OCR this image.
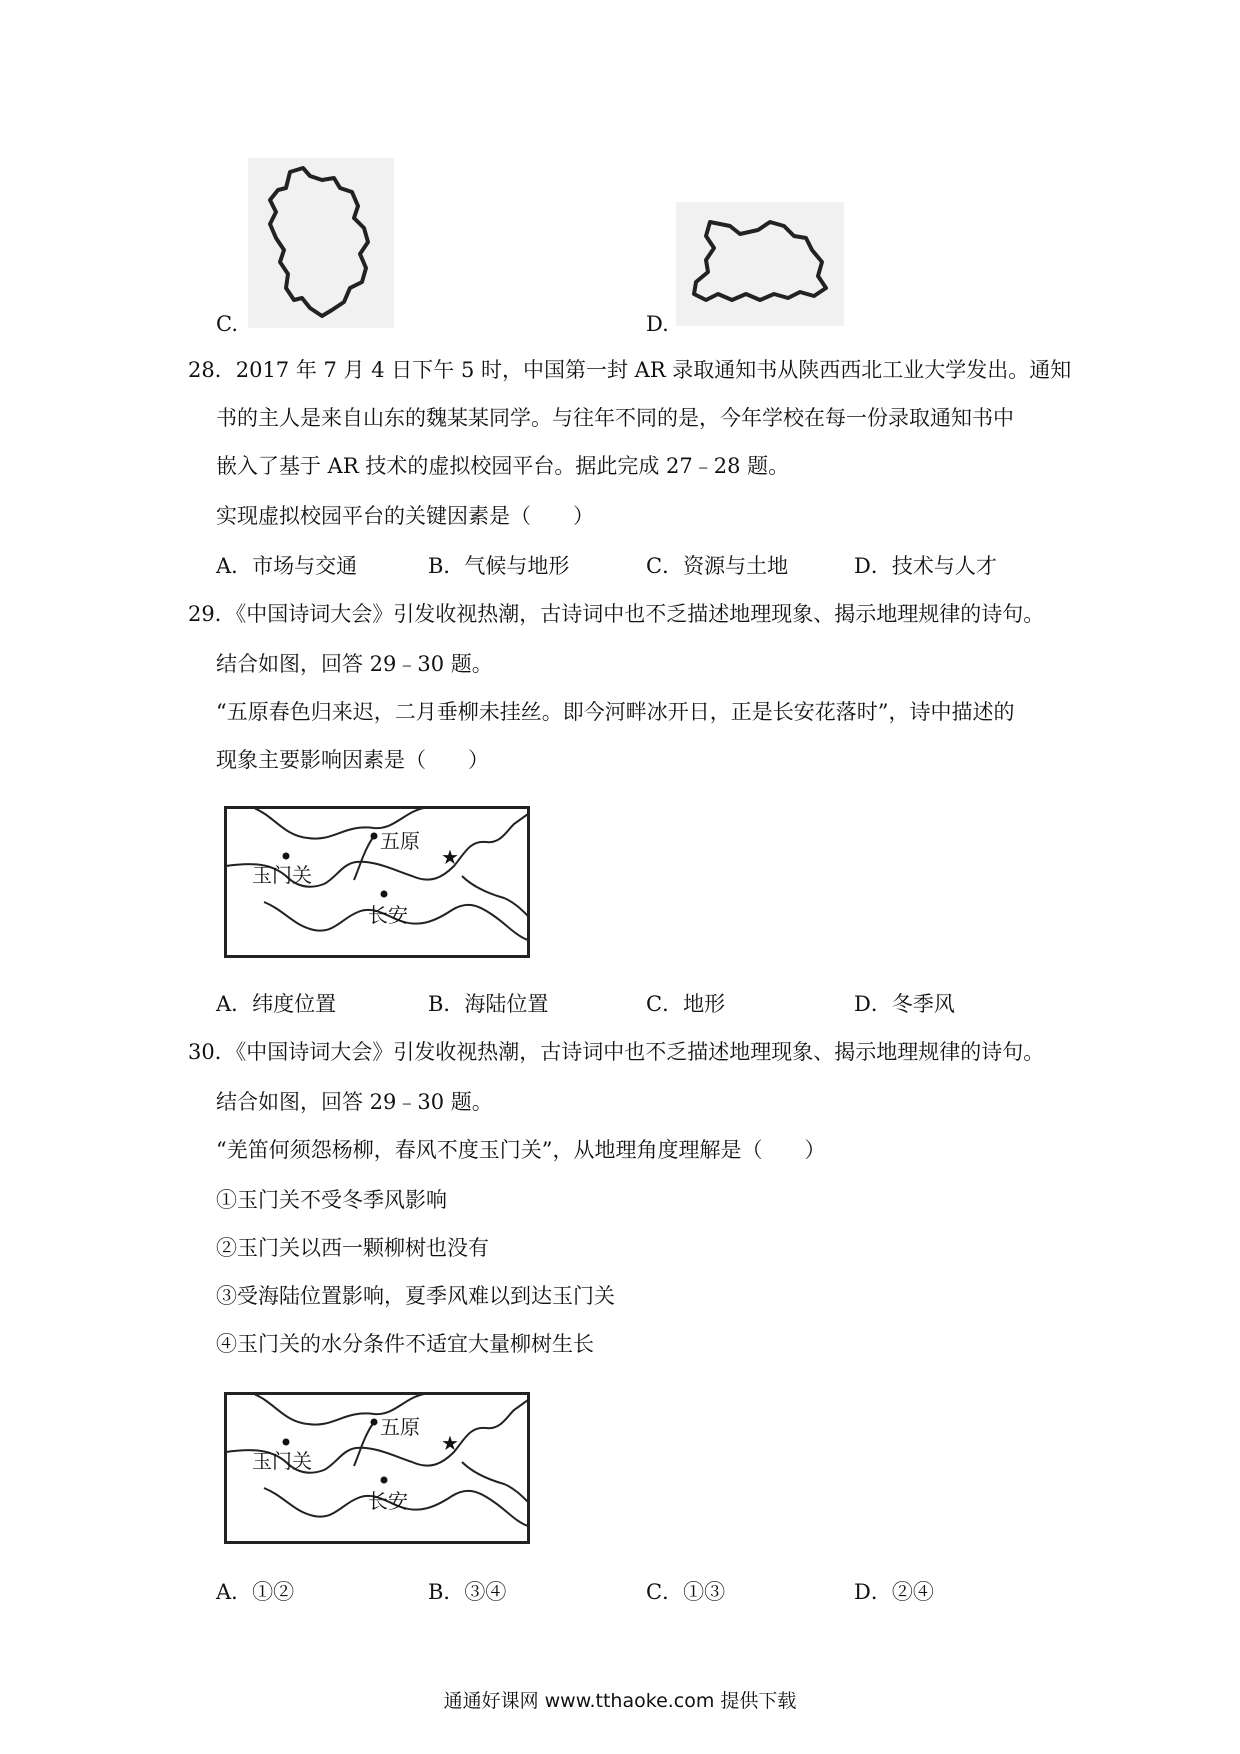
C.	D.
28．2017 年 7 月 4 日下午 5 时，中国第一封 AR 录取通知书从陕西西北工业大学发出。通知
书的主人是来自山东的魏某某同学。与往年不同的是，今年学校在每一份录取通知书中
嵌入了基于 AR 技术的虚拟校园平台。据此完成 27﹣28 题。
实现虚拟校园平台的关键因素是（　　）
A．市场与交通	B．气候与地形	C．资源与土地	D．技术与人才
29．《中国诗词大会》引发收视热潮，古诗词中也不乏描述地理现象、揭示地理规律的诗句。
结合如图，回答 29﹣30 题。
“五原春色归来迟，二月垂柳未挂丝。即今河畔冰开日，正是长安花落时”，诗中描述的
现象主要影响因素是（　　）
★
五原
玉门关
长安
A．纬度位置	B．海陆位置	C．地形	D．冬季风
30．《中国诗词大会》引发收视热潮，古诗词中也不乏描述地理现象、揭示地理规律的诗句。
结合如图，回答 29﹣30 题。
“羌笛何须怨杨柳，春风不度玉门关”，从地理角度理解是（　　）
①玉门关不受冬季风影响
②玉门关以西一颗柳树也没有
③受海陆位置影响，夏季风难以到达玉门关
④玉门关的水分条件不适宜大量柳树生长
★
五原
玉门关
长安
A．①②	B．③④	C．①③	D．②④
通通好课网 www.tthaoke.com 提供下载
